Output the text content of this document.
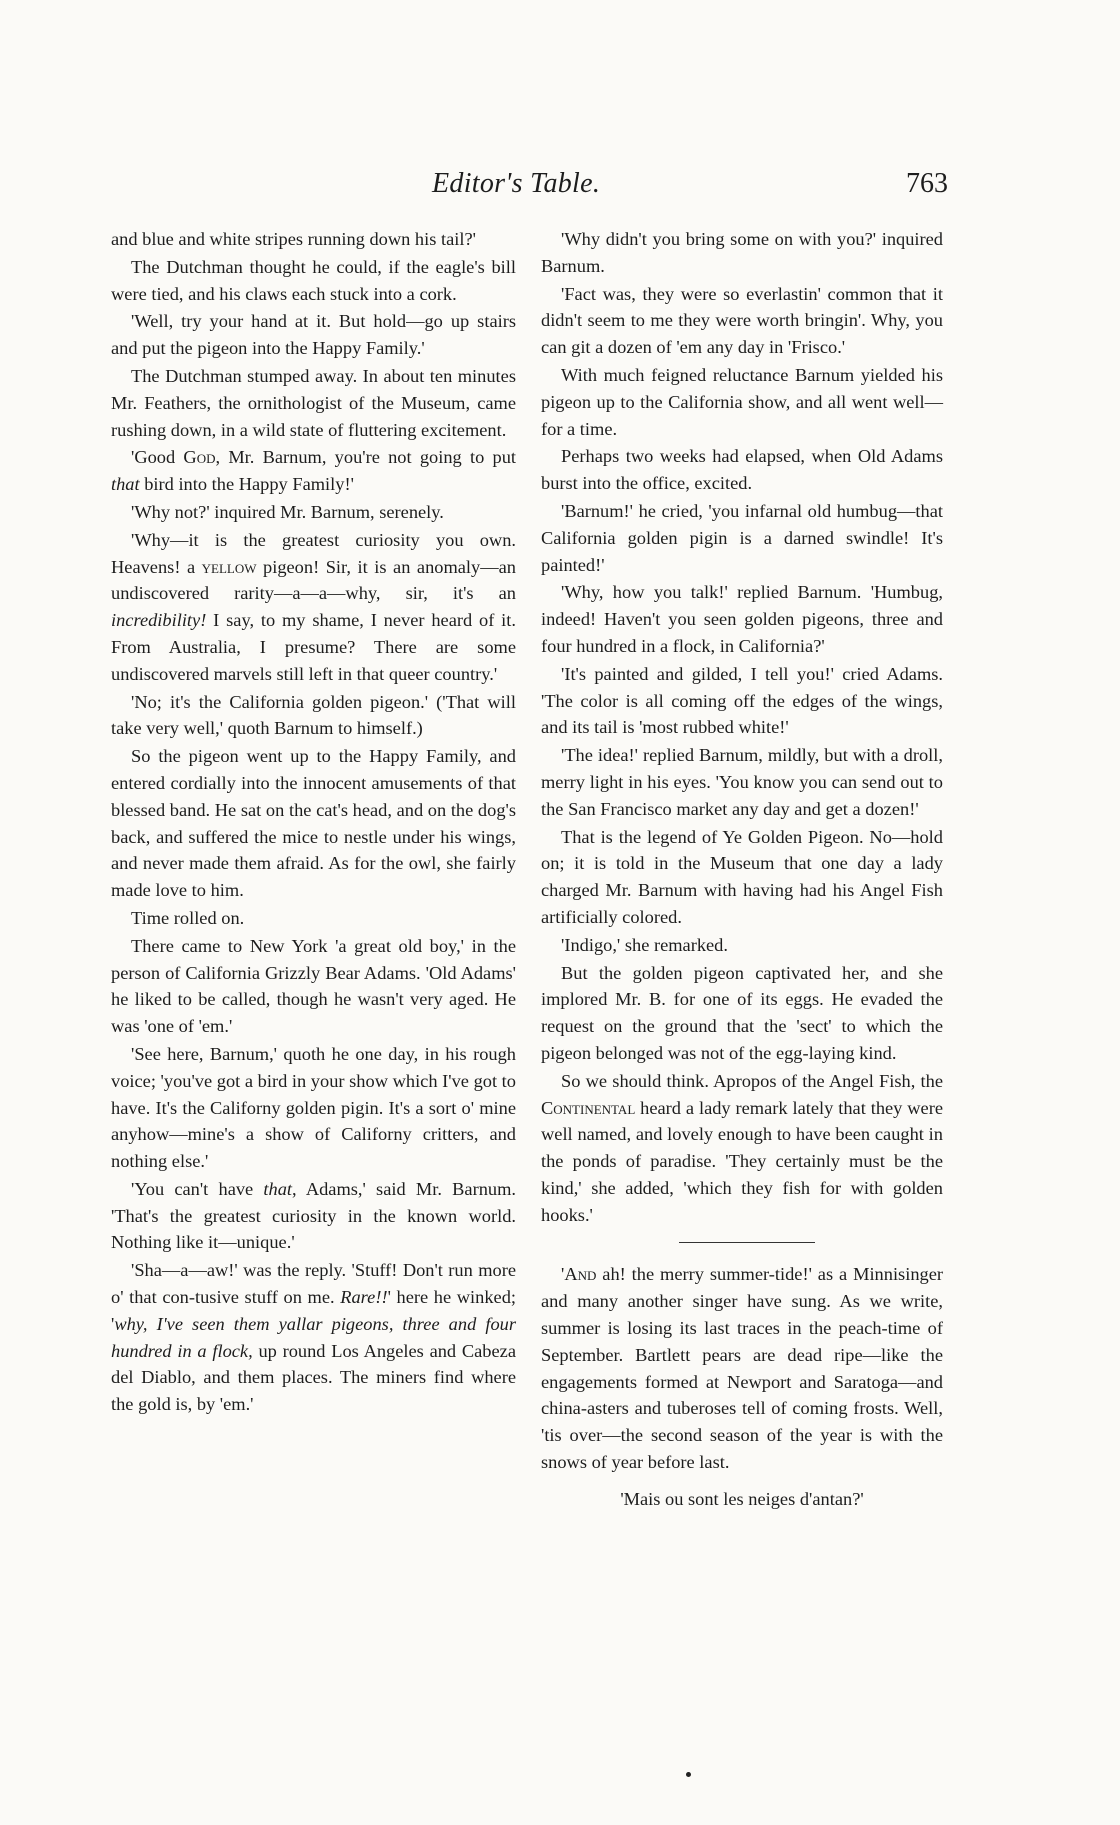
Editor's Table.	763

and blue and white stripes running down his tail?'

The Dutchman thought he could, if the eagle's bill were tied, and his claws each stuck into a cork.

'Well, try your hand at it. But hold—go up stairs and put the pigeon into the Happy Family.'

The Dutchman stumped away. In about ten minutes Mr. Feathers, the ornithologist of the Museum, came rushing down, in a wild state of fluttering excitement.

'Good God, Mr. Barnum, you're not going to put that bird into the Happy Family!'

'Why not?' inquired Mr. Barnum, serenely.

'Why—it is the greatest curiosity you own. Heavens! a yellow pigeon! Sir, it is an anomaly—an undiscovered rarity—a—a—why, sir, it's an incredibility! I say, to my shame, I never heard of it. From Australia, I presume? There are some undiscovered marvels still left in that queer country.'

'No; it's the California golden pigeon.' ('That will take very well,' quoth Barnum to himself.)

So the pigeon went up to the Happy Family, and entered cordially into the innocent amusements of that blessed band. He sat on the cat's head, and on the dog's back, and suffered the mice to nestle under his wings, and never made them afraid. As for the owl, she fairly made love to him.

Time rolled on.

There came to New York 'a great old boy,' in the person of California Grizzly Bear Adams. 'Old Adams' he liked to be called, though he wasn't very aged. He was 'one of 'em.'

'See here, Barnum,' quoth he one day, in his rough voice; 'you've got a bird in your show which I've got to have. It's the Californy golden pigin. It's a sort o' mine anyhow—mine's a show of Californy critters, and nothing else.'

'You can't have that, Adams,' said Mr. Barnum. 'That's the greatest curiosity in the known world. Nothing like it—unique.'

'Sha—a—aw!' was the reply. 'Stuff! Don't run more o' that con-tusive stuff on me. Rare!!' here he winked; 'why, I've seen them yallar pigeons, three and four hundred in a flock, up round Los Angeles and Cabeza del Diablo, and them places. The miners find where the gold is, by 'em.'

'Why didn't you bring some on with you?' inquired Barnum.

'Fact was, they were so everlastin' common that it didn't seem to me they were worth bringin'. Why, you can git a dozen of 'em any day in 'Frisco.'

With much feigned reluctance Barnum yielded his pigeon up to the California show, and all went well—for a time.

Perhaps two weeks had elapsed, when Old Adams burst into the office, excited.

'Barnum!' he cried, 'you infarnal old humbug—that California golden pigin is a darned swindle! It's painted!'

'Why, how you talk!' replied Barnum. 'Humbug, indeed! Haven't you seen golden pigeons, three and four hundred in a flock, in California?'

'It's painted and gilded, I tell you!' cried Adams. 'The color is all coming off the edges of the wings, and its tail is 'most rubbed white!'

'The idea!' replied Barnum, mildly, but with a droll, merry light in his eyes. 'You know you can send out to the San Francisco market any day and get a dozen!'

That is the legend of Ye Golden Pigeon. No—hold on; it is told in the Museum that one day a lady charged Mr. Barnum with having had his Angel Fish artificially colored.

'Indigo,' she remarked.

But the golden pigeon captivated her, and she implored Mr. B. for one of its eggs. He evaded the request on the ground that the 'sect' to which the pigeon belonged was not of the egg-laying kind.

So we should think. Apropos of the Angel Fish, the Continental heard a lady remark lately that they were well named, and lovely enough to have been caught in the ponds of paradise. 'They certainly must be the kind,' she added, 'which they fish for with golden hooks.'

'And ah! the merry summer-tide!' as a Minnisinger and many another singer have sung. As we write, summer is losing its last traces in the peach-time of September. Bartlett pears are dead ripe—like the engagements formed at Newport and Saratoga—and china-asters and tuberoses tell of coming frosts. Well, 'tis over—the second season of the year is with the snows of year before last.

'Mais ou sont les neiges d'antan?'
